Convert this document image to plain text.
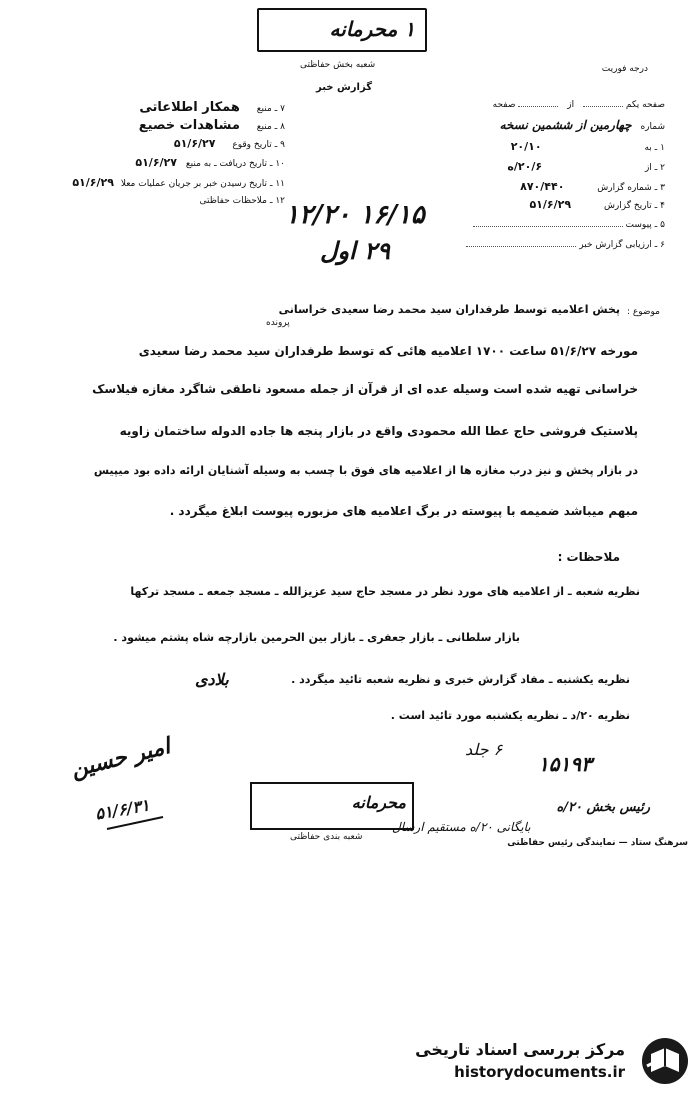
۱ محرمانه
درجه فوریت
شعبه بخش حفاظتی
گزارش خبر
۷ ـ منبع همکار اطلاعاتی
۸ ـ منبع مشاهدات خصیع
۹ ـ تاریخ وقوع ۵۱/۶/۲۷
۱۰ ـ تاریخ دریافت ـ به منبع ۵۱/۶/۲۷
۱۱ ـ تاریخ رسیدن خبر بر جریان عملیات معلا ۵۱/۶/۲۹
۱۲ ـ ملاحظات حفاظتی
صفحه یکم  از  صفحه
شماره چهارمین از ششمین نسخه
۱ ـ به ۲۰/۱۰
۲ ـ از ۲۰/۶/ه
۳ ـ شماره گزارش ۸۷۰/۴۴۰
۴ ـ تاریخ گزارش ۵۱/۶/۲۹
۵ ـ پیوست
۶ ـ ارزیابی گزارش خبر
۱۲/۲۰ ۱۶/۱۵
۲۹ اول
موضوع :
پخش اعلامیه توسط طرفداران سید محمد رضا سعیدی خراسانی
پرونده
مورخه ۵۱/۶/۲۷ ساعت ۱۷۰۰ اعلامیه هائی که توسط طرفداران سید محمد رضا سعیدی
خراسانی تهیه شده است وسیله عده ای از قرآن از جمله مسعود ناطقی شاگرد مغازه فیلاسک
پلاستیک فروشی حاج عطا الله محمودی واقع در بازار پنجه ها جاده الدوله ساختمان زاویه
در بازار پخش و نیز درب مغازه ها از اعلامیه های فوق با چسب به وسیله آشنایان ارائه داده بود میپیس
مبهم میباشد ضمیمه با پیوسته در برگ اعلامیه های مزبوره پیوست ابلاغ میگردد .
ملاحظات :
نظریه شعبه ـ از اعلامیه های مورد نظر در مسجد حاج سید عزیزالله ـ مسجد جمعه ـ مسجد ترکها
بازار سلطانی ـ بازار جعفری ـ بازار بین الحرمین بازارچه شاه پشتم میشود .
نظریه یکشنبه ـ مفاد گزارش خبری و نظریه شعبه تائید میگردد .
نظریه ۲۰/د ـ نظریه یکشنبه مورد تائید است .
بلادی
۱۵۱۹۳
۶ جلد
امیر حسین
۵۱/۶/۳۱	محرمانه
شعبه بندی حفاظتی
بایگانی ۲۰/ه مستقیم ارسال
رئیس بخش ۲۰/ه
سرهنگ ستاد — نمایندگی رئیس حفاظتی
مرکز بررسی اسناد تاریخی
historydocuments.ir
